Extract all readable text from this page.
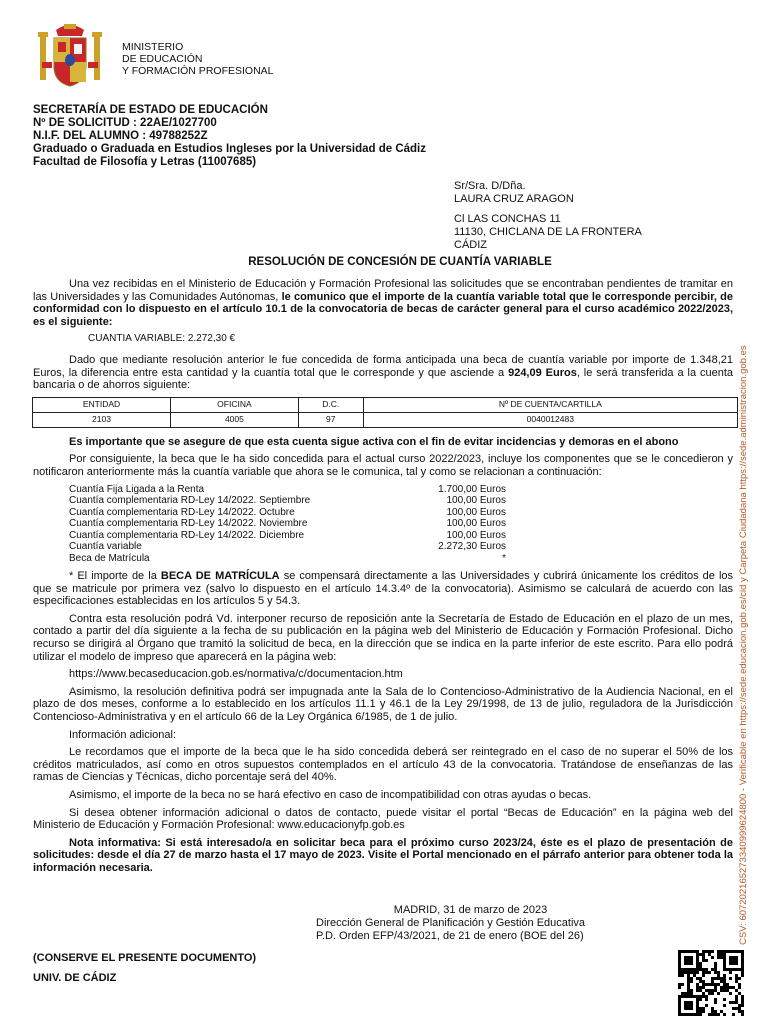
MINISTERIO
DE EDUCACIÓN
Y FORMACIÓN PROFESIONAL
SECRETARÍA DE ESTADO DE EDUCACIÓN
Nº DE SOLICITUD : 22AE/1027700
N.I.F. DEL ALUMNO : 49788252Z
Graduado o Graduada en Estudios Ingleses por la Universidad de Cádiz
Facultad de Filosofía y Letras (11007685)
Sr/Sra. D/Dña.
LAURA CRUZ ARAGON
Cl LAS CONCHAS 11
11130, CHICLANA DE LA FRONTERA
CÁDIZ
RESOLUCIÓN DE CONCESIÓN DE CUANTÍA VARIABLE

Una vez recibidas en el Ministerio de Educación y Formación Profesional las solicitudes que se encontraban pendientes de tramitar en las Universidades y las Comunidades Autónomas, le comunico que el importe de la cuantía variable total que le corresponde percibir, de conformidad con lo dispuesto en el artículo 10.1 de la convocatoria de becas de carácter general para el curso académico 2022/2023, es el siguiente:

CUANTIA VARIABLE: 2.272,30 €

Dado que mediante resolución anterior le fue concedida de forma anticipada una beca de cuantía variable por importe de 1.348,21 Euros, la diferencia entre esta cantidad y la cuantía total que le corresponde y que asciende a 924,09 Euros, le será transferida a la cuenta bancaria o de ahorros siguiente:

ENTIDAD	OFICINA	D.C.	Nº DE CUENTA/CARTILLA
2103	4005	97	0040012483

Es importante que se asegure de que esta cuenta sigue activa con el fin de evitar incidencias y demoras en el abono

Por consiguiente, la beca que le ha sido concedida para el actual curso 2022/2023, incluye los componentes que se le concedieron y notificaron anteriormente más la cuantía variable que ahora se le comunica, tal y como se relacionan a continuación:

Cuantía Fija Ligada a la Renta	1.700,00 Euros
Cuantía complementaria RD-Ley 14/2022. Septiembre	100,00 Euros
Cuantía complementaria RD-Ley 14/2022. Octubre	100,00 Euros
Cuantía complementaria RD-Ley 14/2022. Noviembre	100,00 Euros
Cuantía complementaria RD-Ley 14/2022. Diciembre	100,00 Euros
Cuantía variable	2.272,30 Euros
Beca de Matrícula	*

* El importe de la BECA DE MATRÍCULA se compensará directamente a las Universidades y cubrirá únicamente los créditos de los que se matricule por primera vez (salvo lo dispuesto en el artículo 14.3.4º de la convocatoria). Asimismo se calculará de acuerdo con las especificaciones establecidas en los artículos 5 y 54.3.

Contra esta resolución podrá Vd. interponer recurso de reposición ante la Secretaría de Estado de Educación en el plazo de un mes, contado a partir del día siguiente a la fecha de su publicación en la página web del Ministerio de Educación y Formación Profesional. Dicho recurso se dirigirá al Órgano que tramitó la solicitud de beca, en la dirección que se indica en la parte inferior de este escrito. Para ello podrá utilizar el modelo de impreso que aparecerá en la página web:

https://www.becaseducacion.gob.es/normativa/c/documentacion.htm

Asimismo, la resolución definitiva podrá ser impugnada ante la Sala de lo Contencioso-Administrativo de la Audiencia Nacional, en el plazo de dos meses, conforme a lo establecido en los artículos 11.1 y 46.1 de la Ley 29/1998, de 13 de julio, reguladora de la Jurisdicción Contencioso-Administrativa y en el artículo 66 de la Ley Orgánica 6/1985, de 1 de julio.

Información adicional:

Le recordamos que el importe de la beca que le ha sido concedida deberá ser reintegrado en el caso de no superar el 50% de los créditos matriculados, así como en otros supuestos contemplados en el artículo 43 de la convocatoria. Tratándose de enseñanzas de las ramas de Ciencias y Técnicas, dicho porcentaje será del 40%.

Asimismo, el importe de la beca no se hará efectivo en caso de incompatibilidad con otras ayudas o becas.

Si desea obtener información adicional o datos de contacto, puede visitar el portal “Becas de Educación” en la página web del Ministerio de Educación y Formación Profesional: www.educacionyfp.gob.es

Nota informativa: Si está interesado/a en solicitar beca para el próximo curso 2023/24, éste es el plazo de presentación de solicitudes: desde el día 27 de marzo hasta el 17 mayo de 2023. Visite el Portal mencionado en el párrafo anterior para obtener toda la información necesaria.

MADRID, 31 de marzo de 2023
Dirección General de Planificación y Gestión Educativa
P.D. Orden EFP/43/2021, de 21 de enero (BOE del 26)
(CONSERVE EL PRESENTE DOCUMENTO)
UNIV. DE CÁDIZ
CSV: 607202165273340999624800 - Verificable en https://sede.educacion.gob.es/cid y Carpeta Ciudadana https://sede.administracion.gob.es
